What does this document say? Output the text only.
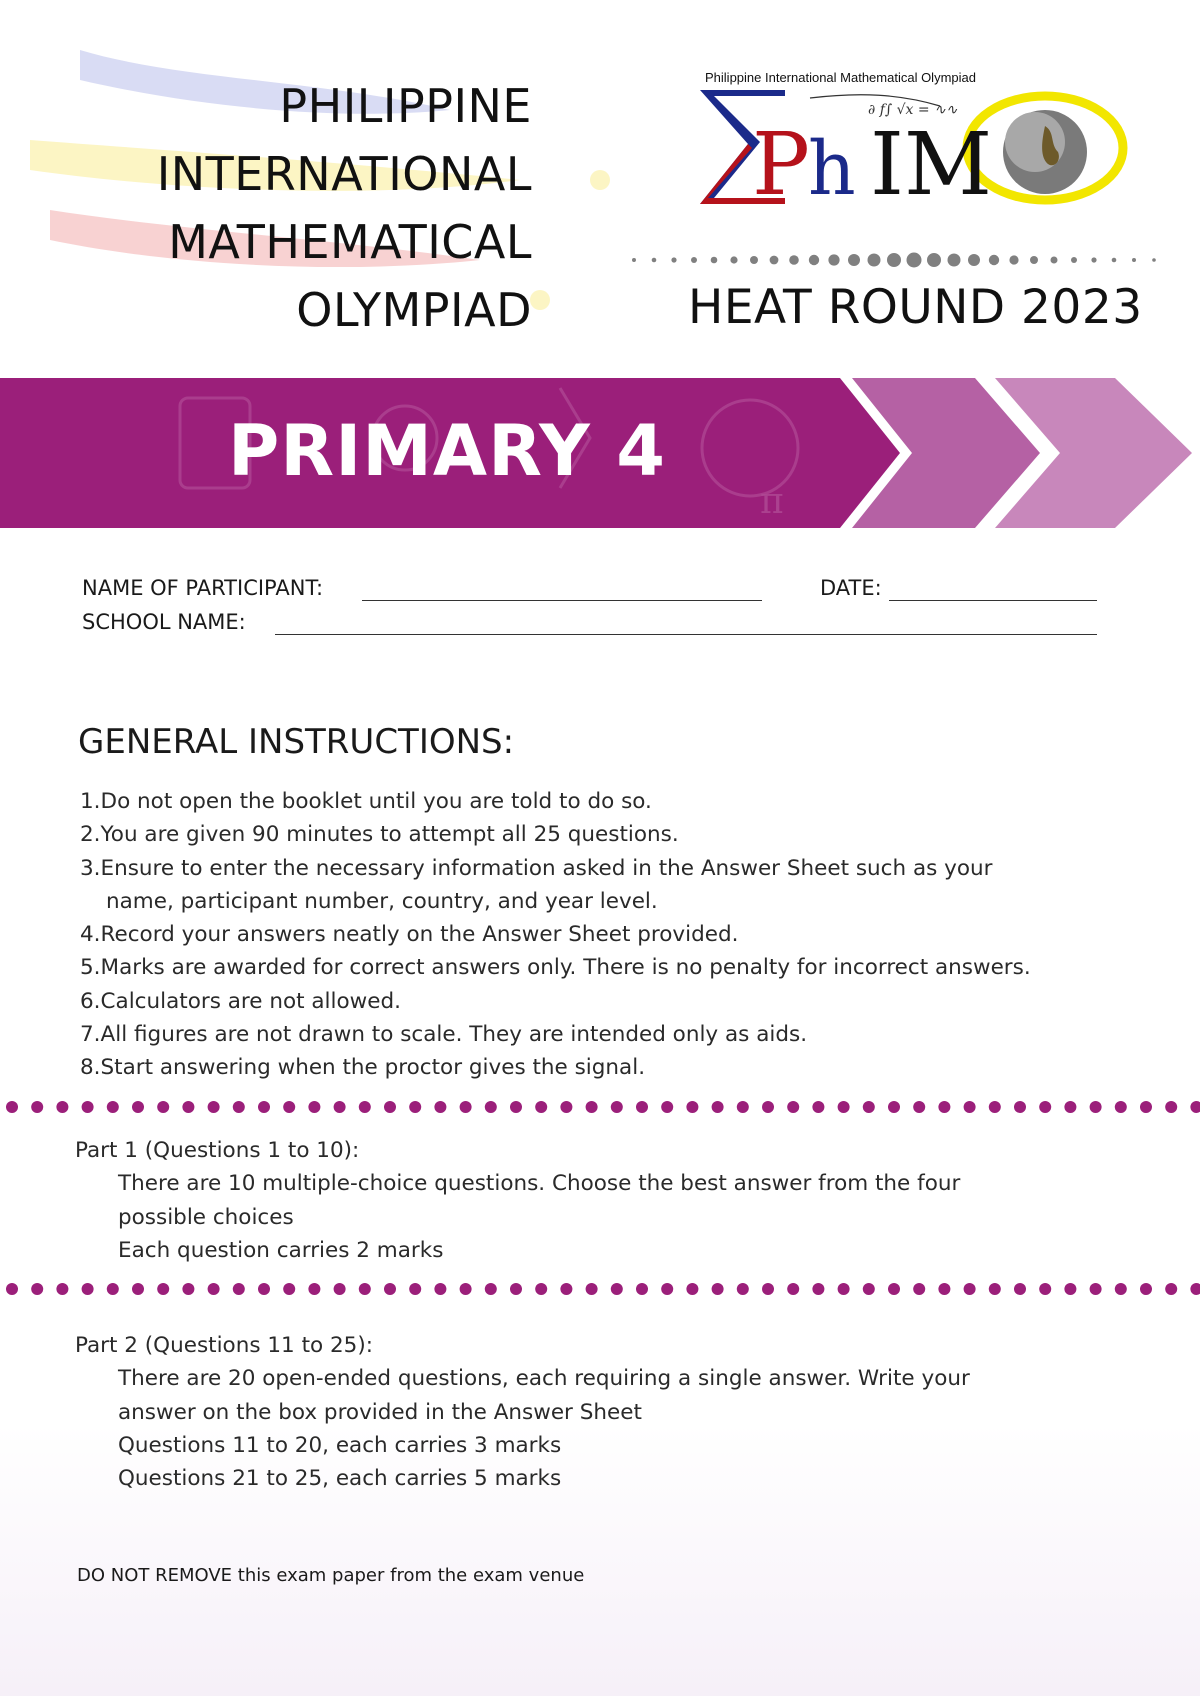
PHILIPPINE
INTERNATIONAL
MATHEMATICAL
OLYMPIAD
∂ f∫ √x = ∿∿
P
h IM
Philippine International Mathematical Olympiad
HEAT ROUND 2023
π
PRIMARY 4
NAME OF PARTICIPANT:	DATE:
SCHOOL NAME:
GENERAL INSTRUCTIONS:
1.Do not open the booklet until you are told to do so.
2.You are given 90 minutes to attempt all 25 questions.
3.Ensure to enter the necessary information asked in the Answer Sheet such as your
name, participant number, country, and year level.
4.Record your answers neatly on the Answer Sheet provided.
5.Marks are awarded for correct answers only. There is no penalty for incorrect answers.
6.Calculators are not allowed.
7.All figures are not drawn to scale. They are intended only as aids.
8.Start answering when the proctor gives the signal.
Part 1 (Questions 1 to 10):
There are 10 multiple-choice questions. Choose the best answer from the four
possible choices
Each question carries 2 marks
Part 2 (Questions 11 to 25):
There are 20 open-ended questions, each requiring a single answer. Write your
answer on the box provided in the Answer Sheet
Questions 11 to 20, each carries 3 marks
Questions 21 to 25, each carries 5 marks
DO NOT REMOVE this exam paper from the exam venue
